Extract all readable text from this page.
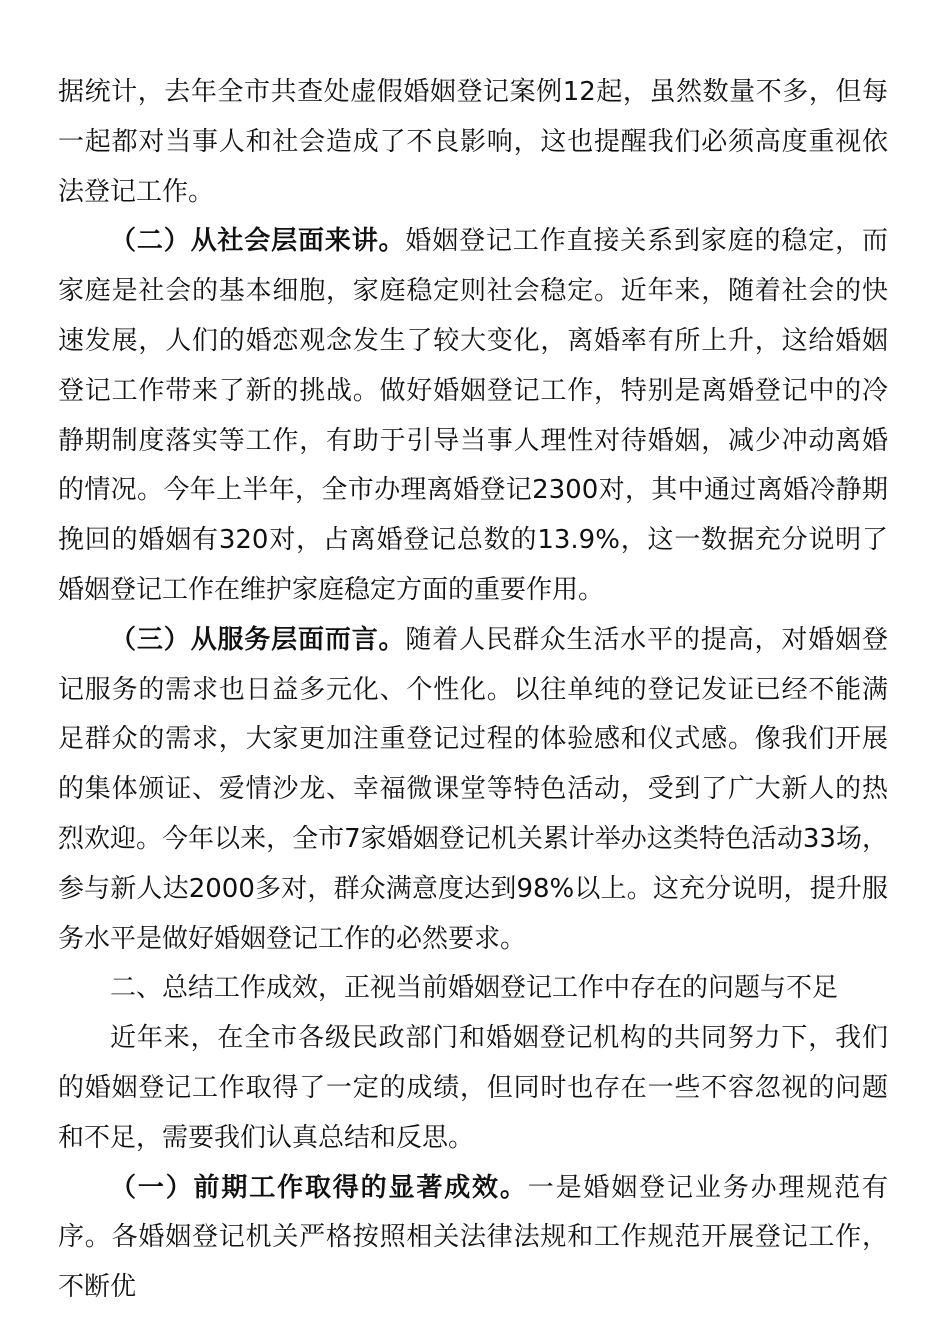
据统计，去年全市共查处虚假婚姻登记案例12起，虽然数量不多，但每一起都对当事人和社会造成了不良影响，这也提醒我们必须高度重视依法登记工作。

（二）从社会层面来讲。婚姻登记工作直接关系到家庭的稳定，而家庭是社会的基本细胞，家庭稳定则社会稳定。近年来，随着社会的快速发展，人们的婚恋观念发生了较大变化，离婚率有所上升，这给婚姻登记工作带来了新的挑战。做好婚姻登记工作，特别是离婚登记中的冷静期制度落实等工作，有助于引导当事人理性对待婚姻，减少冲动离婚的情况。今年上半年，全市办理离婚登记2300对，其中通过离婚冷静期挽回的婚姻有320对，占离婚登记总数的13.9%，这一数据充分说明了婚姻登记工作在维护家庭稳定方面的重要作用。

（三）从服务层面而言。随着人民群众生活水平的提高，对婚姻登记服务的需求也日益多元化、个性化。以往单纯的登记发证已经不能满足群众的需求，大家更加注重登记过程的体验感和仪式感。像我们开展的集体颁证、爱情沙龙、幸福微课堂等特色活动，受到了广大新人的热烈欢迎。今年以来，全市7家婚姻登记机关累计举办这类特色活动33场，参与新人达2000多对，群众满意度达到98%以上。这充分说明，提升服务水平是做好婚姻登记工作的必然要求。

二、总结工作成效，正视当前婚姻登记工作中存在的问题与不足

近年来，在全市各级民政部门和婚姻登记机构的共同努力下，我们的婚姻登记工作取得了一定的成绩，但同时也存在一些不容忽视的问题和不足，需要我们认真总结和反思。

（一）前期工作取得的显著成效。一是婚姻登记业务办理规范有序。各婚姻登记机关严格按照相关法律法规和工作规范开展登记工作，不断优
